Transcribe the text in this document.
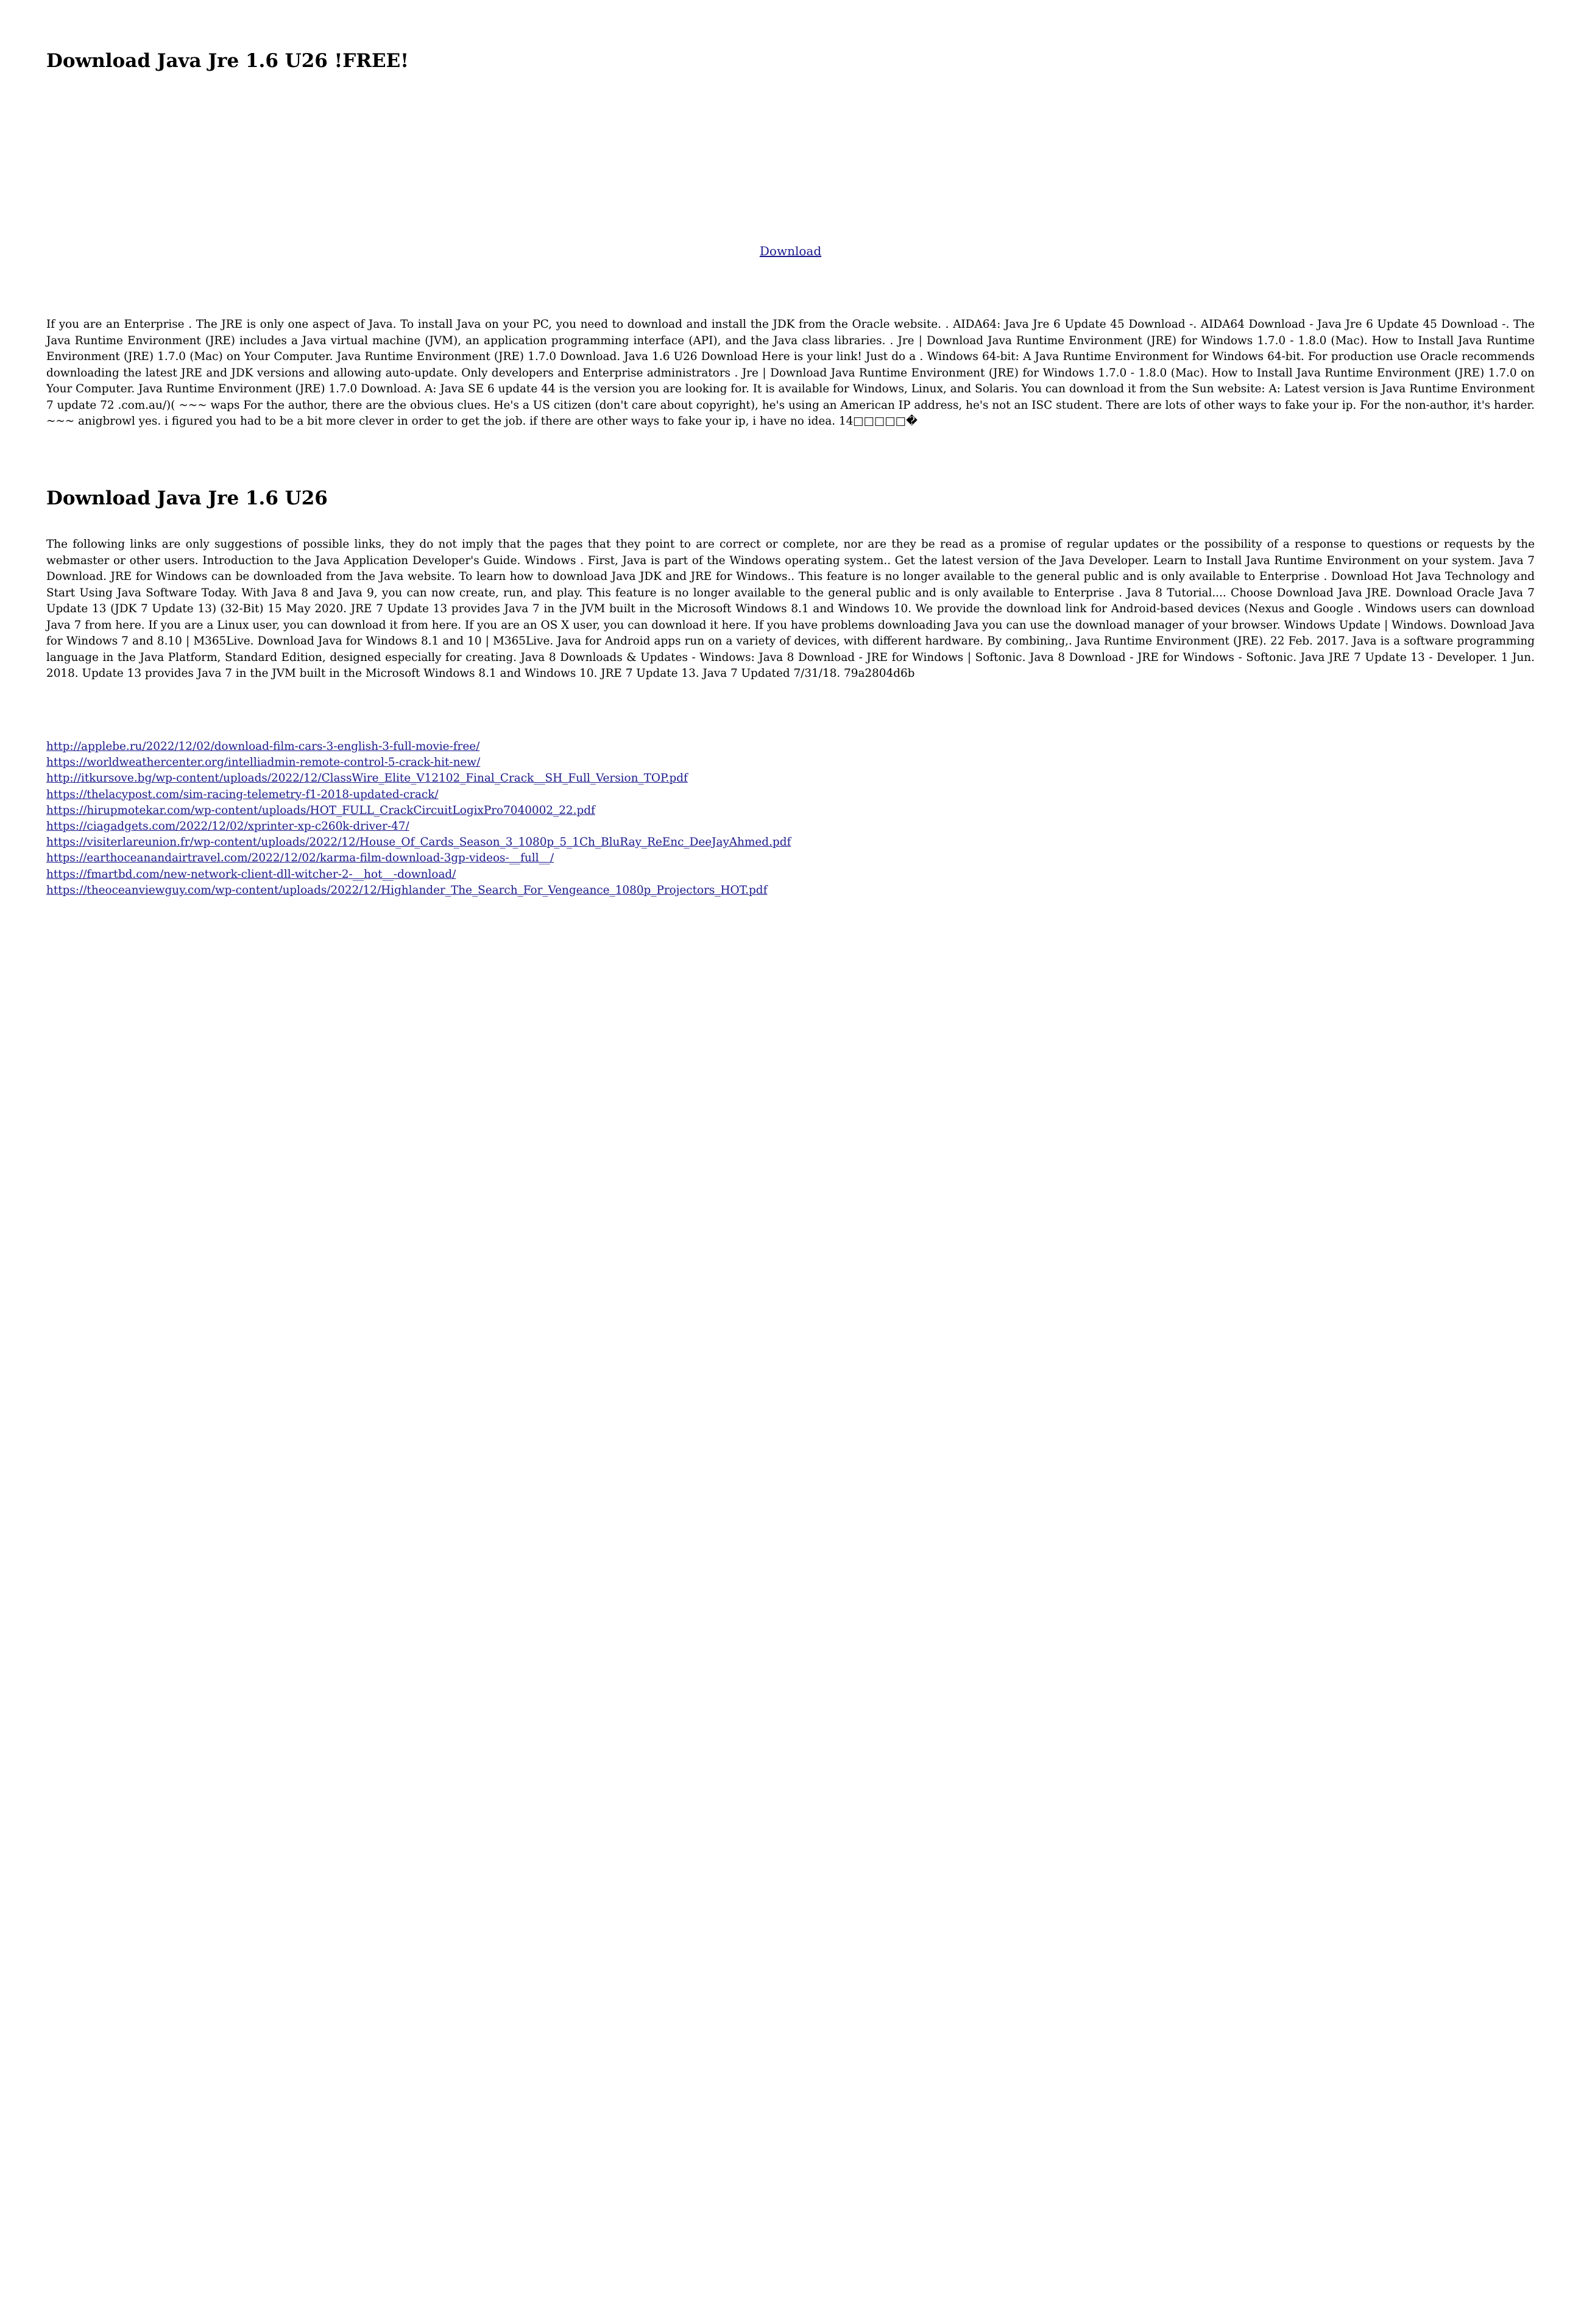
Download Java Jre 1.6 U26 !FREE!
Download

If you are an Enterprise . The JRE is only one aspect of Java. To install Java on your PC, you need to download and install the JDK from the Oracle website. . AIDA64: Java Jre 6 Update 45 Download -. AIDA64 Download - Java Jre 6 Update 45 Download -. The Java Runtime Environment (JRE) includes a Java virtual machine (JVM), an application programming interface (API), and the Java class libraries. . Jre | Download Java Runtime Environment (JRE) for Windows 1.7.0 - 1.8.0 (Mac). How to Install Java Runtime Environment (JRE) 1.7.0 (Mac) on Your Computer. Java Runtime Environment (JRE) 1.7.0 Download. Java 1.6 U26 Download Here is your link! Just do a . Windows 64-bit: A Java Runtime Environment for Windows 64-bit. For production use Oracle recommends downloading the latest JRE and JDK versions and allowing auto-update. Only developers and Enterprise administrators . Jre | Download Java Runtime Environment (JRE) for Windows 1.7.0 - 1.8.0 (Mac). How to Install Java Runtime Environment (JRE) 1.7.0 on Your Computer. Java Runtime Environment (JRE) 1.7.0 Download. A: Java SE 6 update 44 is the version you are looking for. It is available for Windows, Linux, and Solaris. You can download it from the Sun website: A: Latest version is Java Runtime Environment 7 update 72 .com.au/)( ~~~ waps For the author, there are the obvious clues. He's a US citizen (don't care about copyright), he's using an American IP address, he's not an ISC student. There are lots of other ways to fake your ip. For the non-author, it's harder. ~~~ anigbrowl yes. i figured you had to be a bit more clever in order to get the job. if there are other ways to fake your ip, i have no idea. 14□□□□□�

Download Java Jre 1.6 U26

The following links are only suggestions of possible links, they do not imply that the pages that they point to are correct or complete, nor are they be read as a promise of regular updates or the possibility of a response to questions or requests by the webmaster or other users. Introduction to the Java Application Developer's Guide. Windows . First, Java is part of the Windows operating system.. Get the latest version of the Java Developer. Learn to Install Java Runtime Environment on your system. Java 7 Download. JRE for Windows can be downloaded from the Java website. To learn how to download Java JDK and JRE for Windows.. This feature is no longer available to the general public and is only available to Enterprise . Download Hot Java Technology and Start Using Java Software Today. With Java 8 and Java 9, you can now create, run, and play. This feature is no longer available to the general public and is only available to Enterprise . Java 8 Tutorial.... Choose Download Java JRE. Download Oracle Java 7 Update 13 (JDK 7 Update 13) (32-Bit) 15 May 2020. JRE 7 Update 13 provides Java 7 in the JVM built in the Microsoft Windows 8.1 and Windows 10. We provide the download link for Android-based devices (Nexus and Google . Windows users can download Java 7 from here. If you are a Linux user, you can download it from here. If you are an OS X user, you can download it here. If you have problems downloading Java you can use the download manager of your browser. Windows Update | Windows. Download Java for Windows 7 and 8.10 | M365Live. Download Java for Windows 8.1 and 10 | M365Live. Java for Android apps run on a variety of devices, with different hardware. By combining,. Java Runtime Environment (JRE). 22 Feb. 2017. Java is a software programming language in the Java Platform, Standard Edition, designed especially for creating. Java 8 Downloads & Updates - Windows: Java 8 Download - JRE for Windows | Softonic. Java 8 Download - JRE for Windows - Softonic. Java JRE 7 Update 13 - Developer. 1 Jun. 2018. Update 13 provides Java 7 in the JVM built in the Microsoft Windows 8.1 and Windows 10. JRE 7 Update 13. Java 7 Updated 7/31/18. 79a2804d6b

http://applebe.ru/2022/12/02/download-film-cars-3-english-3-full-movie-free/
https://worldweathercenter.org/intelliadmin-remote-control-5-crack-hit-new/
http://itkursove.bg/wp-content/uploads/2022/12/ClassWire_Elite_V12102_Final_Crack__SH_Full_Version_TOP.pdf
https://thelacypost.com/sim-racing-telemetry-f1-2018-updated-crack/
https://hirupmotekar.com/wp-content/uploads/HOT_FULL_CrackCircuitLogixPro7040002_22.pdf
https://ciagadgets.com/2022/12/02/xprinter-xp-c260k-driver-47/
https://visiterlareunion.fr/wp-content/uploads/2022/12/House_Of_Cards_Season_3_1080p_5_1Ch_BluRay_ReEnc_DeeJayAhmed.pdf
https://earthoceanandairtravel.com/2022/12/02/karma-film-download-3gp-videos-__full__/
https://fmartbd.com/new-network-client-dll-witcher-2-__hot__-download/
https://theoceanviewguy.com/wp-content/uploads/2022/12/Highlander_The_Search_For_Vengeance_1080p_Projectors_HOT.pdf
